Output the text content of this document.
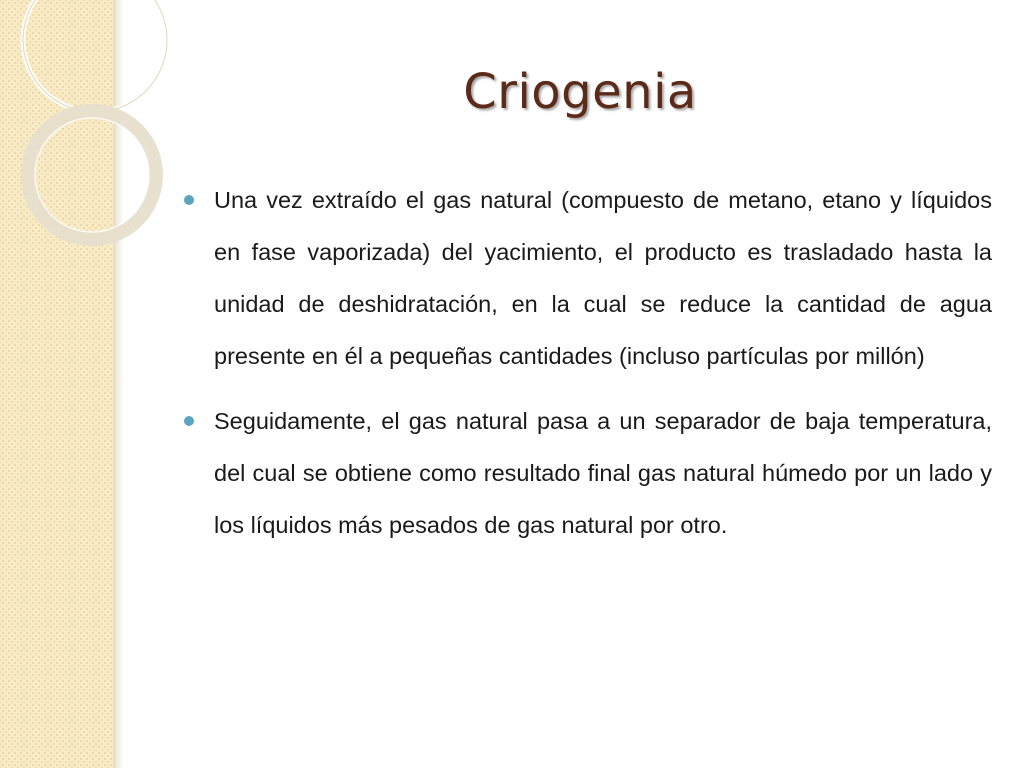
Criogenia
Una vez extraído el gas natural (compuesto de metano, etano y líquidos en fase vaporizada) del yacimiento, el producto es trasladado hasta la unidad de deshidratación, en la cual se reduce la cantidad de agua presente en él a pequeñas cantidades (incluso partículas por millón)
Seguidamente, el gas natural pasa a un separador de baja temperatura, del cual se obtiene como resultado final gas natural húmedo por un lado y los líquidos más pesados de gas natural por otro.
